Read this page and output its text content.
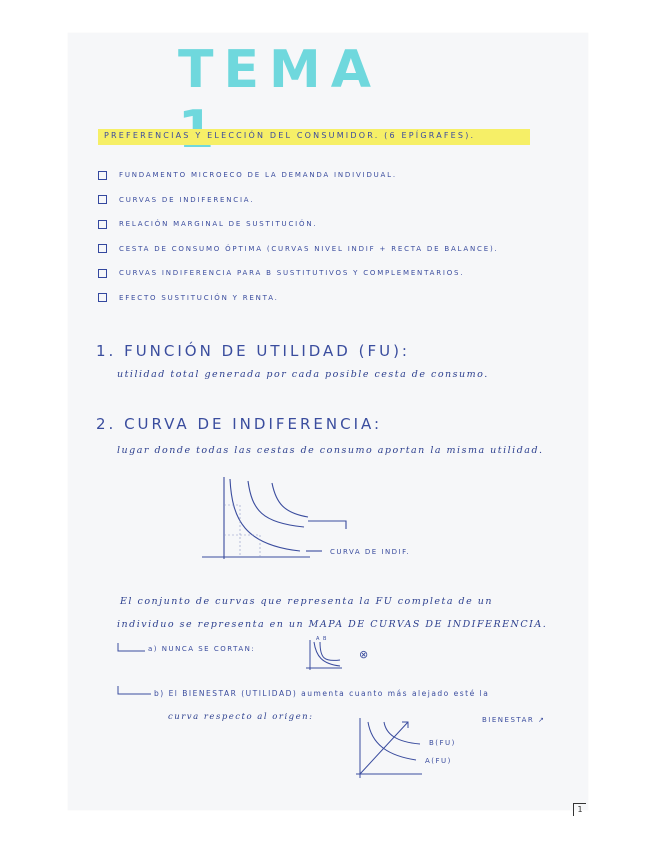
TEMA
PREFERENCIAS Y ELECCIÓN DEL CONSUMIDOR. (6 EPÍGRAFES).
FUNDAMENTO MICROECO DE LA DEMANDA INDIVIDUAL.
CURVAS DE INDIFERENCIA.
RELACIÓN MARGINAL DE SUSTITUCIÓN.
CESTA DE CONSUMO ÓPTIMA (CURVAS NIVEL INDIF + RECTA DE BALANCE).
CURVAS INDIFERENCIA PARA B SUSTITUTIVOS Y COMPLEMENTARIOS.
EFECTO SUSTITUCIÓN Y RENTA.
1. FUNCIÓN DE UTILIDAD (FU):
utilidad total generada por cada posible cesta de consumo.
2. CURVA DE INDIFERENCIA:
lugar donde todas las cestas de consumo aportan la misma utilidad.
CURVA DE INDIF.
El conjunto de curvas que representa la FU completa de un
individuo se representa en un MAPA DE CURVAS DE INDIFERENCIA.
a) NUNCA SE CORTAN:
A B
⊗
b) El BIENESTAR (UTILIDAD) aumenta cuanto más alejado esté la
curva respecto al origen:	BIENESTAR ↗
B(FU)
A(FU)
1
